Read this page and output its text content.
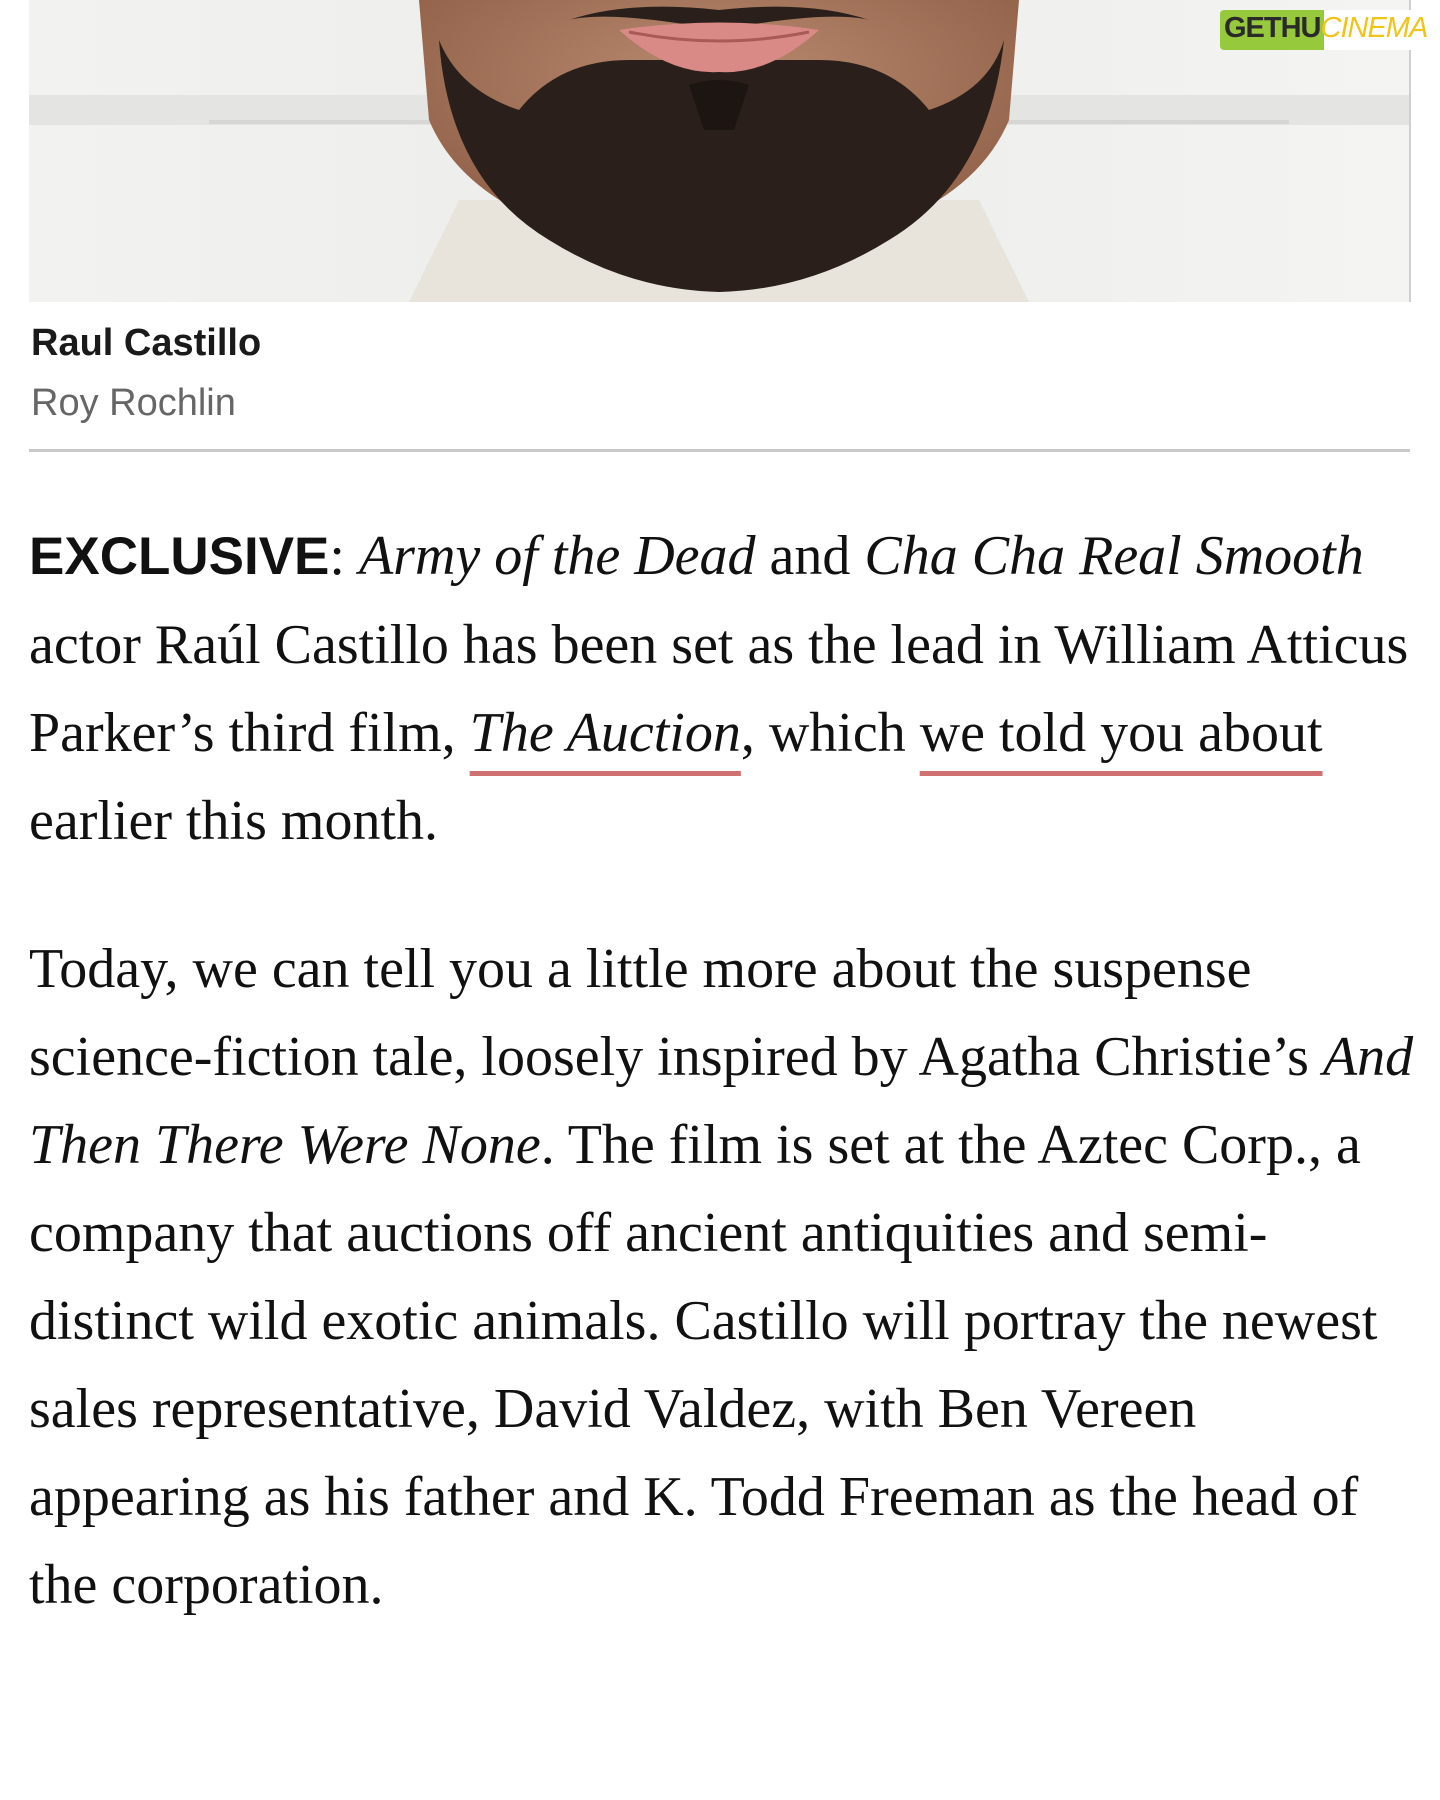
GETHUCINEMA

Raul Castillo

Roy Rochlin

EXCLUSIVE: Army of the Dead and Cha Cha Real Smooth actor Raúl Castillo has been set as the lead in William Atticus Parker’s third film, The Auction, which we told you about earlier this month.

Today, we can tell you a little more about the suspense science-fiction tale, loosely inspired by Agatha Christie’s And Then There Were None. The film is set at the Aztec Corp., a company that auctions off ancient antiquities and semi-distinct wild exotic animals. Castillo will portray the newest sales representative, David Valdez, with Ben Vereen appearing as his father and K. Todd Freeman as the head of the corporation.
